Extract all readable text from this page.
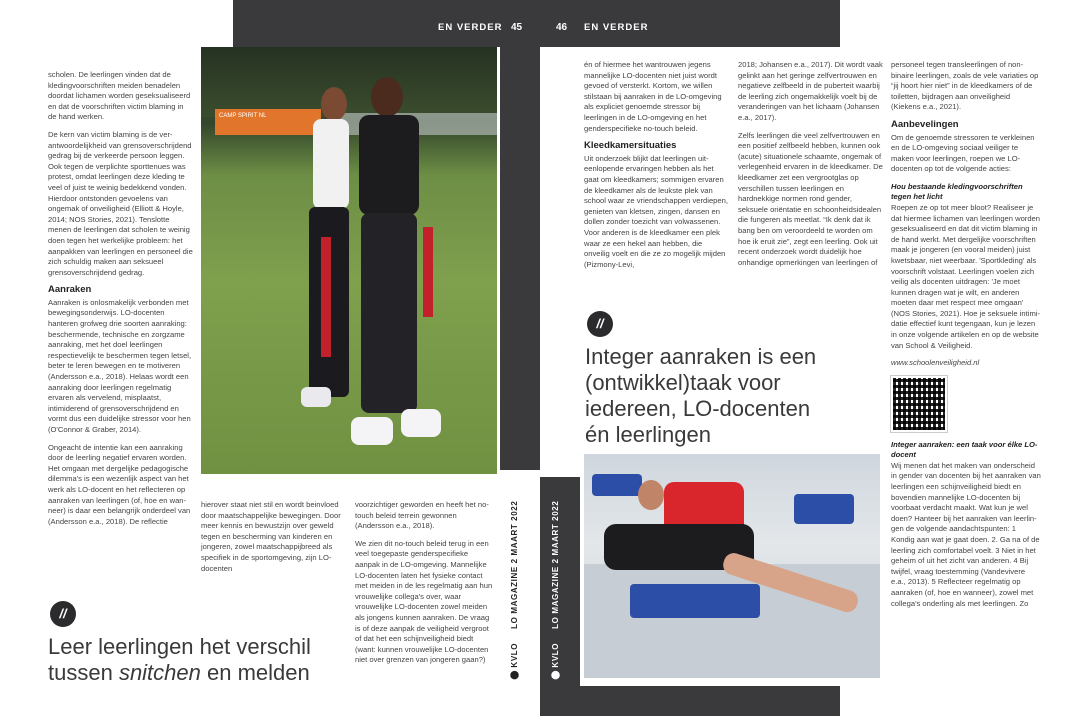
EN VERDER 45
⬤ KVLO     LO MAGAZINE 2 MAART 2022
CAMP SPIRIT NL

scholen. De leerlingen vinden dat de kledingvoorschriften meiden benadelen doordat lichamen worden geseksualiseerd en dat de voorschriften victim blaming in de hand werken.

De kern van victim blaming is de verantwoordelijkheid van grensoverschrijdend gedrag bij de verkeerde persoon leggen. Ook tegen de verplichte sporttenues was protest, omdat leerlingen deze kleding te veel of juist te weinig bedekkend vonden. Hierdoor ontstonden gevoelens van ongemak of onveiligheid (Elliott & Hoyle, 2014; NOS Stories, 2021). Tenslotte menen de leerlingen dat scholen te weinig doen tegen het werkelijke probleem: het aanpakken van leerlingen en personeel die zich schuldig maken aan seksueel grensoverschrijdend gedrag.

Aanraken

Aanraken is onlosmakelijk verbonden met bewegingsonderwijs. LO-docenten hanteren grofweg drie soorten aanraking: beschermende, technische en zorgzame aanraking, met het doel leerlingen respectievelijk te beschermen tegen letsel, beter te leren bewegen en te motiveren (Andersson e.a., 2018). Helaas wordt een aanraking door leerlingen regelmatig ervaren als vervelend, misplaatst, intimiderend of grensoverschrijdend en vormt dus een duidelijke stressor voor hen (O'Connor & Graber, 2014).

Ongeacht de intentie kan een aanraking door de leerling negatief ervaren worden. Het omgaan met dergelijke pedagogische dilemma's is een wezenlijk aspect van het werk als LO-docent en het reflecteren op aanraken van leerlingen (of, hoe en wanneer) is daar een belangrijk onderdeel van (Andersson e.a., 2018). De reflectie

hierover staat niet stil en wordt beinvloed door maatschappelijke bewegingen. Door meer kennis en bewustzijn over geweld tegen en bescherming van kinderen en jongeren, zowel maatschappijbreed als specifiek in de sportomgeving, zijn LO-docenten

voorzichtiger geworden en heeft het no-touch beleid terrein gewonnen (Andersson e.a., 2018).

We zien dit no-touch beleid terug in een veel toegepaste genderspecifieke aanpak in de LO-omgeving. Mannelijke LO-docenten laten het fysieke contact met meiden in de les regelmatig aan hun vrouwelijke collega's over, waar vrouwelijke LO-docenten zowel meiden als jongens kunnen aanraken. De vraag is of deze aanpak de veiligheid vergroot of dat het een schijnveiligheid biedt (want: kunnen vrouwelijke LO-docenten niet over grenzen van jongeren gaan?)

//
Leer leerlingen het verschil
tussen snitchen en melden
46 EN VERDER
⬤ KVLO     LO MAGAZINE 2 MAART 2022

én of hiermee het wantrouwen jegens mannelijke LO-docenten niet juist wordt gevoed of versterkt. Kortom, we willen stilstaan bij aanraken in de LO-omgeving als expliciet genoemde stressor bij leerlingen in de LO-omgeving en het genderspecifieke no-touch beleid.

Kleedkamersituaties

Uit onderzoek blijkt dat leerlingen uiteenlopende ervaringen hebben als het gaat om kleedkamers; sommigen ervaren de kleedkamer als de leukste plek van school waar ze vriendschappen verdiepen, genieten van kletsen, zingen, dansen en dollen zonder toezicht van volwassenen. Voor anderen is de kleedkamer een plek waar ze een hekel aan hebben, die onveilig voelt en die ze zo mogelijk mijden (Pizmony-Levi,

2018; Johansen e.a., 2017). Dit wordt vaak gelinkt aan het geringe zelfvertrouwen en negatieve zelfbeeld in de puberteit waarbij de leerling zich ongemakkelijk voelt bij de veranderingen van het lichaam (Johansen e.a., 2017).

Zelfs leerlingen die veel zelfvertrouwen en een positief zelfbeeld hebben, kunnen ook (acute) situationele schaamte, ongemak of verlegenheid ervaren in de kleedkamer. De kleedkamer zet een vergrootglas op verschillen tussen leerlingen en hardnekkige normen rond gender, seksuele oriëntatie en schoonheidsidealen die fungeren als meetlat. “Ik denk dat ik bang ben om veroordeeld te worden om hoe ik eruit zie”, zegt een leerling. Ook uit recent onderzoek wordt duidelijk hoe onhandige opmerkingen van leerlingen of

//
Integer aanraken is een
(ontwikkel)taak voor
iedereen, LO-docenten
én leerlingen

personeel tegen transleerlingen of non-binaire leerlingen, zoals de vele variaties op “jij hoort hier niet” in de kleedkamers of de toiletten, bijdragen aan onveiligheid (Kiekens e.a., 2021).

Aanbevelingen

Om de genoemde stressoren te verkleinen en de LO-omgeving sociaal veiliger te maken voor leerlingen, roepen we LO-docenten op tot de volgende acties:

Hou bestaande kledingvoorschriften tegen het licht

Roepen ze op tot meer bloot? Realiseer je dat hiermee lichamen van leerlingen worden geseksualiseerd en dat dit victim blaming in de hand werkt. Met dergelijke voorschriften maak je jongeren (en vooral meiden) juist kwetsbaar, niet weerbaar. 'Sportkleding' als voorschrift volstaat. Leerlingen voelen zich veilig als docenten uitdragen: 'Je moet kunnen dragen wat je wilt, en anderen moeten daar met respect mee omgaan' (NOS Stories, 2021). Hoe je seksuele intimidatie effectief kunt tegengaan, kun je lezen in onze volgende artikelen en op de website van School & Veiligheid.

www.schoolenveiligheid.nl

Integer aanraken: een taak voor élke LO-docent

Wij menen dat het maken van onderscheid in gender van docenten bij het aanraken van leerlingen een schijnveiligheid biedt en bovendien mannelijke LO-docenten bij voorbaat verdacht maakt. Wat kun je wel doen? Hanteer bij het aanraken van leerlingen de volgende aandachtspunten: 1 Kondig aan wat je gaat doen. 2. Ga na of de leerling zich comfortabel voelt. 3 Niet in het geheim of uit het zicht van anderen. 4 Bij twijfel, vraag toestemming (Vandevivere e.a., 2013). 5 Reflecteer regelmatig op aanraken (of, hoe en wanneer), zowel met collega's onderling als met leerlingen. Zo
